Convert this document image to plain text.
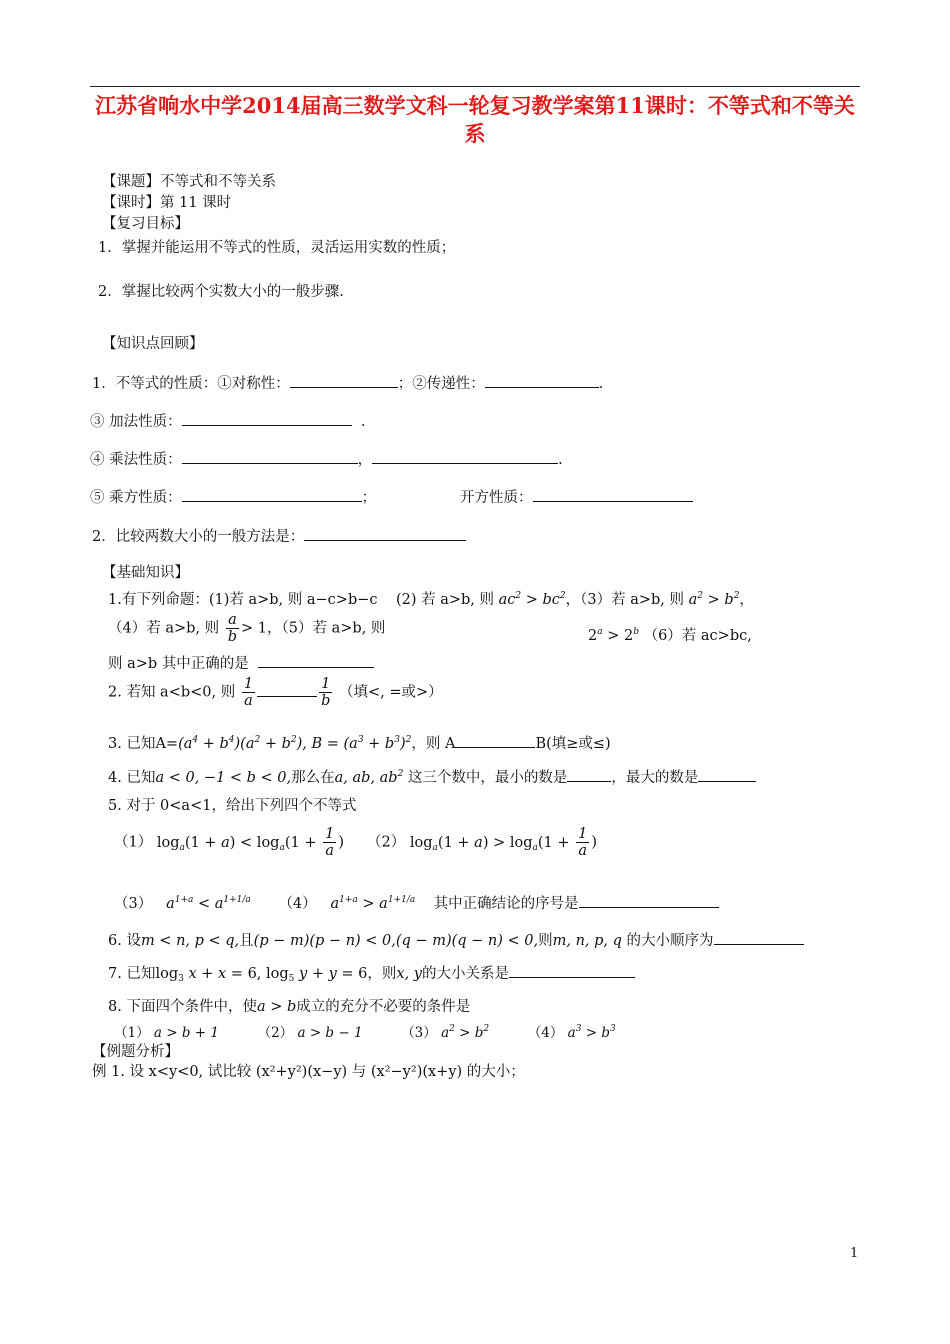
江苏省响水中学2014届高三数学文科一轮复习教学案第11课时：不等式和不等关系
【课题】不等式和不等关系
【课时】第 11 课时
【复习目标】
1．掌握并能运用不等式的性质，灵活运用实数的性质；
2．掌握比较两个实数大小的一般步骤.
【知识点回顾】
1．不等式的性质：①对称性：	；②传递性：	.
③ 加法性质：	.
④ 乘法性质：	，	.
⑤ 乘方性质：	；	开方性质：
2．比较两数大小的一般方法是：
【基础知识】
1.有下列命题：(1)若 a>b, 则 a−c>b−c (2) 若 a>b, 则 $ac^2 > bc^2$，（3）若 a>b, 则 $a^2 > b^2$，
（4）若 a>b, 则 $\frac{a}{b} > 1$，（5）若 a>b, 则	$2^a > 2^b$ （6）若 ac>bc,
则 a>b 其中正确的是
2. 若知 a<b<0, 则 $\frac{1}{a}$	$\frac{1}{b}$ （填<, =或>）
3. 已知$A=(a^4 + b^4)(a^2 + b^2)$, $B = (a^3 + b^3)^2$，则 A	B(填≥或≤)
4. 已知a < 0, −1 < b < 0,那么在a, ab, $ab^2$ 这三个数中，最小的数是	，最大的数是
5. 对于 0<a<1，给出下列四个不等式
（1） $\log_a(1 + a) < \log_a(1 + \frac{1}{a}$ ) （2） $\log_a(1 + a) > \log_a(1 + \frac{1}{a}$ )
（3） $a^{1+a} < a^{1+1/a}$ （4） $a^{1+a} > a^{1+1/a}$ 其中正确结论的序号是
6. 设m < n, p < q,且(p − m)(p − n) < 0,(q − m)(q − n) < 0,则m, n, p, q 的大小顺序为
7. 已知$\log_3 x + x = 6$, $\log_5 y + y = 6$，则x, y的大小关系是
8. 下面四个条件中，使a > b成立的充分不必要的条件是
（1） a > b + 1	（2） a > b − 1	（3） $a^2 > b^2$	（4） $a^3 > b^3$
【例题分析】
例 1. 设 x<y<0, 试比较 (x²+y²)(x−y) 与 (x²−y²)(x+y) 的大小；
1
